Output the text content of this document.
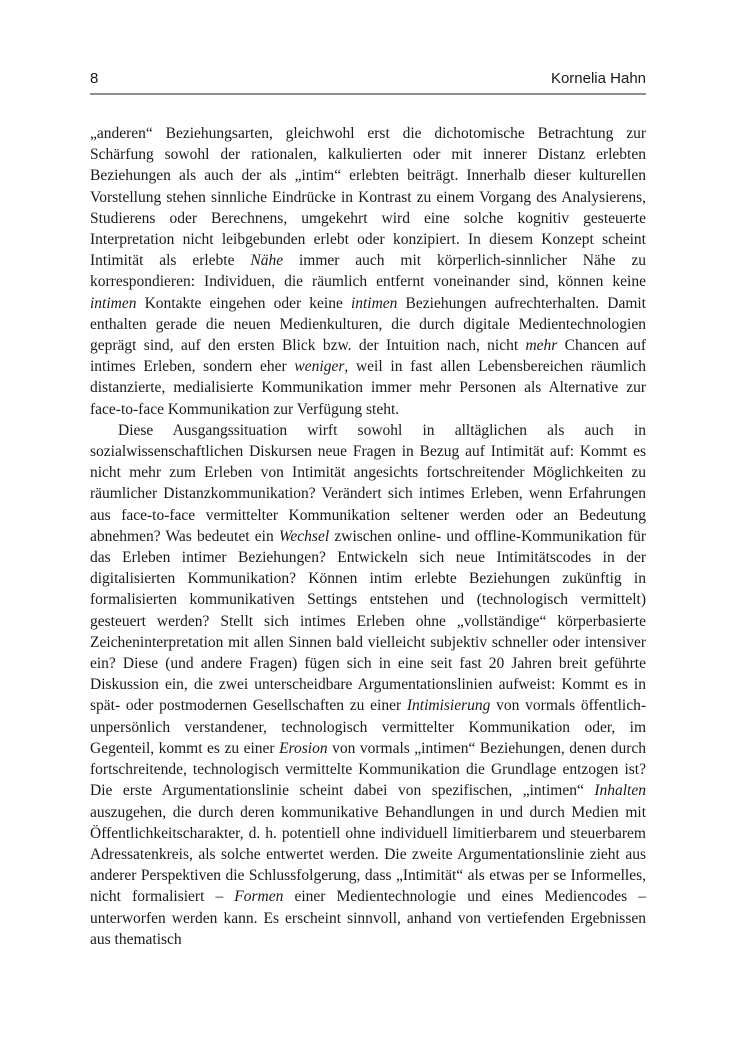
8	Kornelia Hahn

„anderen“ Beziehungsarten, gleichwohl erst die dichotomische Betrachtung zur Schärfung sowohl der rationalen, kalkulierten oder mit innerer Distanz erlebten Beziehungen als auch der als „intim“ erlebten beiträgt. Innerhalb dieser kulturellen Vorstellung stehen sinnliche Eindrücke in Kontrast zu einem Vorgang des Analysierens, Studierens oder Berechnens, umgekehrt wird eine solche kognitiv gesteuerte Interpretation nicht leibgebunden erlebt oder konzipiert. In diesem Konzept scheint Intimität als erlebte Nähe immer auch mit körperlich-sinnlicher Nähe zu korrespondieren: Individuen, die räumlich entfernt voneinander sind, können keine intimen Kontakte eingehen oder keine intimen Beziehungen aufrechterhalten. Damit enthalten gerade die neuen Medienkulturen, die durch digitale Medientechnologien geprägt sind, auf den ersten Blick bzw. der Intuition nach, nicht mehr Chancen auf intimes Erleben, sondern eher weniger, weil in fast allen Lebensbereichen räumlich distanzierte, medialisierte Kommunikation immer mehr Personen als Alternative zur face-to-face Kommunikation zur Verfügung steht.

Diese Ausgangssituation wirft sowohl in alltäglichen als auch in sozialwissenschaftlichen Diskursen neue Fragen in Bezug auf Intimität auf: Kommt es nicht mehr zum Erleben von Intimität angesichts fortschreitender Möglichkeiten zu räumlicher Distanzkommunikation? Verändert sich intimes Erleben, wenn Erfahrungen aus face-to-face vermittelter Kommunikation seltener werden oder an Bedeutung abnehmen? Was bedeutet ein Wechsel zwischen online- und offline-Kommunikation für das Erleben intimer Beziehungen? Entwickeln sich neue Intimitätscodes in der digitalisierten Kommunikation? Können intim erlebte Beziehungen zukünftig in formalisierten kommunikativen Settings entstehen und (technologisch vermittelt) gesteuert werden? Stellt sich intimes Erleben ohne „vollständige“ körperbasierte Zeicheninterpretation mit allen Sinnen bald vielleicht subjektiv schneller oder intensiver ein? Diese (und andere Fragen) fügen sich in eine seit fast 20 Jahren breit geführte Diskussion ein, die zwei unterscheidbare Argumentationslinien aufweist: Kommt es in spät- oder postmodernen Gesellschaften zu einer Intimisierung von vormals öffentlich-unpersönlich verstandener, technologisch vermittelter Kommunikation oder, im Gegenteil, kommt es zu einer Erosion von vormals „intimen“ Beziehungen, denen durch fortschreitende, technologisch vermittelte Kommunikation die Grundlage entzogen ist? Die erste Argumentationslinie scheint dabei von spezifischen, „intimen“ Inhalten auszugehen, die durch deren kommunikative Behandlungen in und durch Medien mit Öffentlichkeitscharakter, d. h. potentiell ohne individuell limitierbarem und steuerbarem Adressatenkreis, als solche entwertet werden. Die zweite Argumentationslinie zieht aus anderer Perspektiven die Schlussfolgerung, dass „Intimität“ als etwas per se Informelles, nicht formalisiert – Formen einer Medientechnologie und eines Mediencodes – unterworfen werden kann. Es erscheint sinnvoll, anhand von vertiefenden Ergebnissen aus thematisch
